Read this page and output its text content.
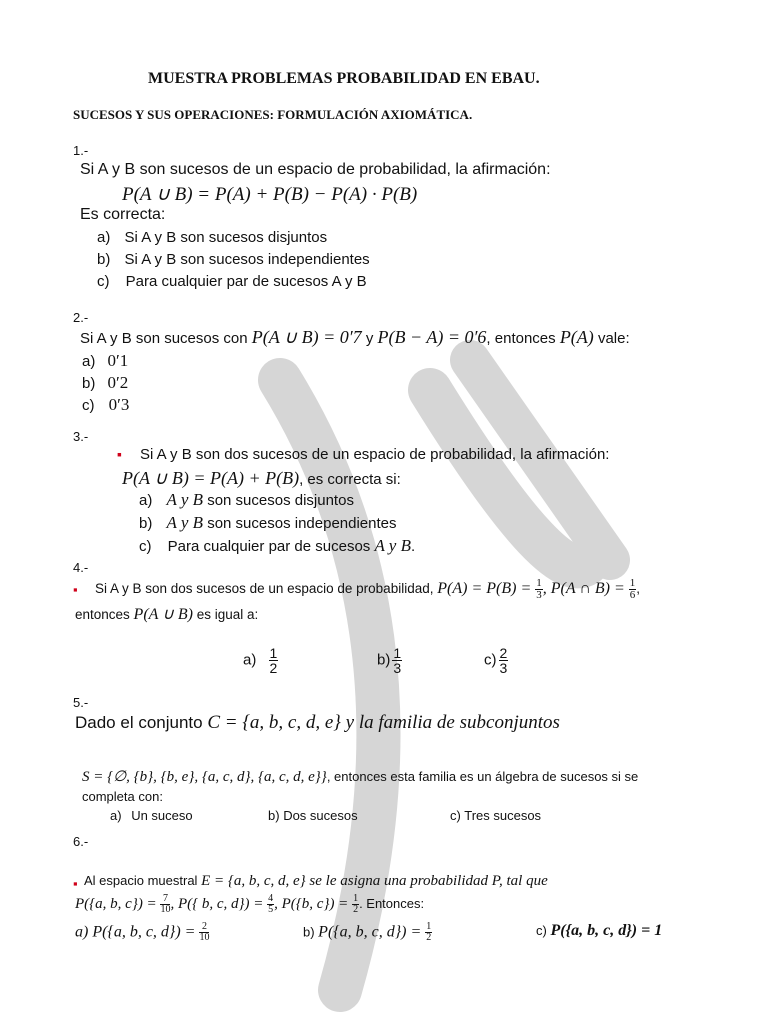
MUESTRA PROBLEMAS PROBABILIDAD EN EBAU.
SUCESOS Y SUS OPERACIONES: FORMULACIÓN AXIOMÁTICA.
1.-
Si A y B son sucesos de un espacio de probabilidad, la afirmación:
P(A ∪ B) = P(A) + P(B) − P(A) · P(B)
Es correcta:
a) Si A y B son sucesos disjuntos
b) Si A y B son sucesos independientes
c) Para cualquier par de sucesos A y B
2.-
Si A y B son sucesos con P(A ∪ B) = 0′7 y P(B − A) = 0′6, entonces P(A) vale:
a) 0′1
b) 0′2
c) 0′3
3.-
▪ Si A y B son dos sucesos de un espacio de probabilidad, la afirmación:
P(A ∪ B) = P(A) + P(B), es correcta si:
a) A y B son sucesos disjuntos
b) A y B son sucesos independientes
c) Para cualquier par de sucesos A y B.
4.-
▪ Si A y B son dos sucesos de un espacio de probabilidad, $P(A) = P(B) = \frac{1}{3}$ , P(A ∩ $B) = \frac{1}{6}$ ,
entonces P(A ∪ B) es igual a:
$a) \frac{1}{2}$	$b) \frac{1}{3}$	$c) \frac{2}{3}$
5.-
Dado el conjunto C = {a, b, c, d, e} y la familia de subconjuntos
S = {∅, {b}, {b, e}, {a, c, d}, {a, c, d, e}}, entonces esta familia es un álgebra de sucesos si se
completa con:
a) Un suceso	b) Dos sucesos	c) Tres sucesos
6.-
▪ Al espacio muestral E = {a, b, c, d, e} se le asigna una probabilidad P, tal que
P({a, b, $c\}) = \frac{7}{10}$ , P({ b, c, $d\}) = \frac{4}{5}$ , P({b, $c\}) = \frac{1}{2}$ . Entonces:
a) P({a, b, c, $d\}) = \frac{2}{10}$	b) P({a, b, c, $d\}) = \frac{1}{2}$	c) P({a, b, c, d}) = 1
